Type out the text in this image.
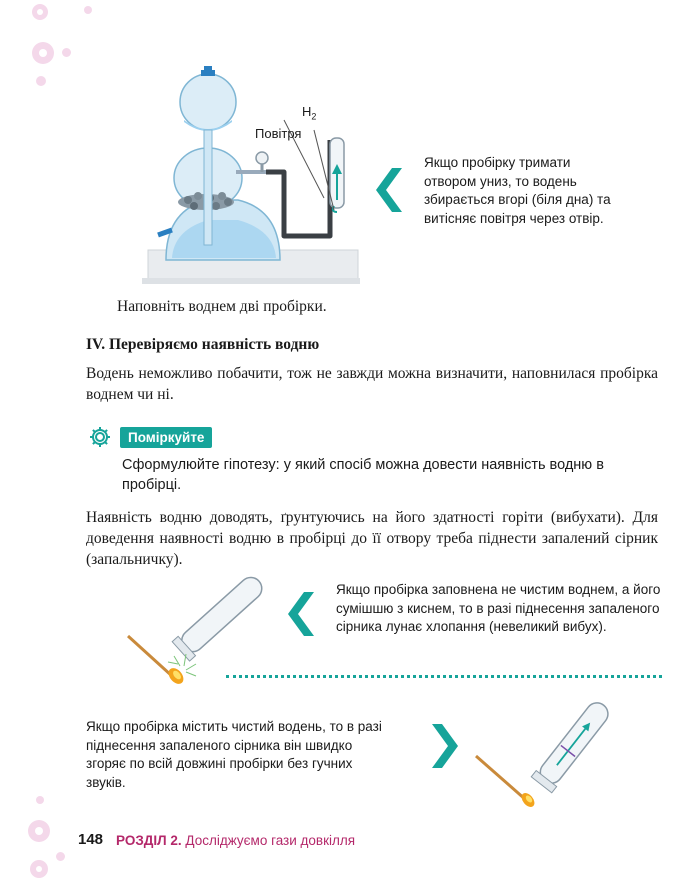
$H_2$
Повітря
Якщо пробірку тримати отвором униз, то водень збирається вгорі (біля дна) та витісняє повітря через отвір.
Наповніть воднем дві пробірки.
IV. Перевіряємо наявність водню
Водень неможливо побачити, тож не завжди можна визначити, наповнилася пробірка воднем чи ні.
Поміркуйте
Сформулюйте гіпотезу: у який спосіб можна довести наявність водню в пробірці.
Наявність водню доводять, ґрунтуючись на його здатності горіти (вибухати). Для доведення наявності водню в пробірці до її отвору треба піднести запалений сірник (запальничку).
Якщо пробірка заповнена не чистим воднем, а його сумішшю з киснем, то в разі піднесення запаленого сірника лунає хлопання (невеликий вибух).
Якщо пробірка містить чистий водень, то в разі піднесення запаленого сірника він швидко згоряє по всій довжині пробірки без гучних звуків.
148 РОЗДІЛ 2. Досліджуємо гази довкілля
